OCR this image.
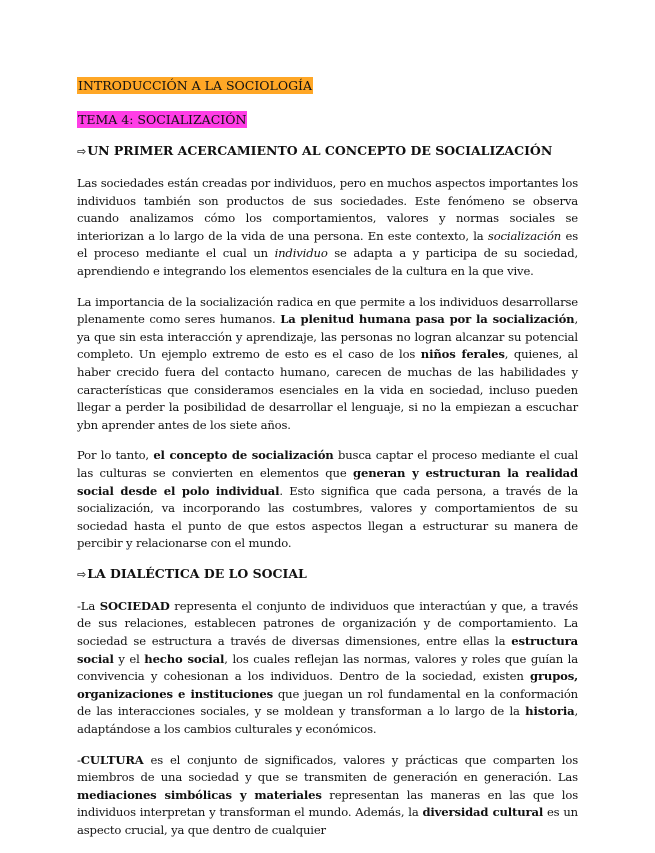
INTRODUCCIÓN A LA SOCIOLOGÍA
TEMA 4: SOCIALIZACIÓN
⇨UN PRIMER ACERCAMIENTO AL CONCEPTO DE SOCIALIZACIÓN

Las sociedades están creadas por individuos, pero en muchos aspectos importantes los individuos también son productos de sus sociedades. Este fenómeno se observa cuando analizamos cómo los comportamientos, valores y normas sociales se interiorizan a lo largo de la vida de una persona. En este contexto, la socialización es el proceso mediante el cual un individuo se adapta a y participa de su sociedad, aprendiendo e integrando los elementos esenciales de la cultura en la que vive.

La importancia de la socialización radica en que permite a los individuos desarrollarse plenamente como seres humanos. La plenitud humana pasa por la socialización, ya que sin esta interacción y aprendizaje, las personas no logran alcanzar su potencial completo. Un ejemplo extremo de esto es el caso de los niños ferales, quienes, al haber crecido fuera del contacto humano, carecen de muchas de las habilidades y características que consideramos esenciales en la vida en sociedad, incluso pueden llegar a perder la posibilidad de desarrollar el lenguaje, si no la empiezan a escuchar ybn aprender antes de los siete años.

Por lo tanto, el concepto de socialización busca captar el proceso mediante el cual las culturas se convierten en elementos que generan y estructuran la realidad social desde el polo individual. Esto significa que cada persona, a través de la socialización, va incorporando las costumbres, valores y comportamientos de su sociedad hasta el punto de que estos aspectos llegan a estructurar su manera de percibir y relacionarse con el mundo.

⇨LA DIALÉCTICA DE LO SOCIAL

-La SOCIEDAD representa el conjunto de individuos que interactúan y que, a través de sus relaciones, establecen patrones de organización y de comportamiento. La sociedad se estructura a través de diversas dimensiones, entre ellas la estructura social y el hecho social, los cuales reflejan las normas, valores y roles que guían la convivencia y cohesionan a los individuos. Dentro de la sociedad, existen grupos, organizaciones e instituciones que juegan un rol fundamental en la conformación de las interacciones sociales, y se moldean y transforman a lo largo de la historia, adaptándose a los cambios culturales y económicos.

-CULTURA es el conjunto de significados, valores y prácticas que comparten los miembros de una sociedad y que se transmiten de generación en generación. Las mediaciones simbólicas y materiales representan las maneras en las que los individuos interpretan y transforman el mundo. Además, la diversidad cultural es un aspecto crucial, ya que dentro de cualquier
